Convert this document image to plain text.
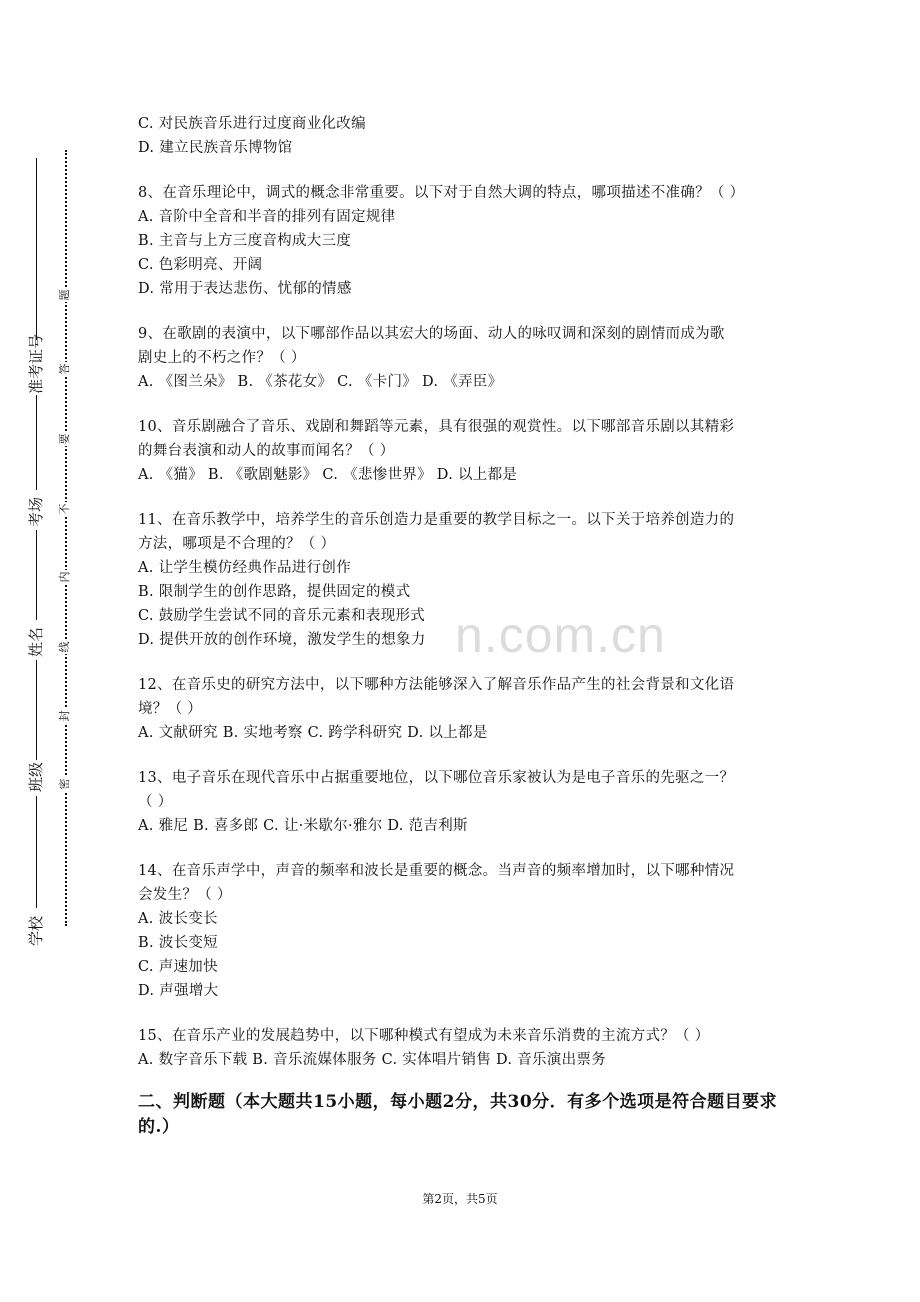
准考证号
考场
姓名
班级
学校
题
答
要
不
内
线
封
密
n.com.cn
C. 对民族音乐进行过度商业化改编
D. 建立民族音乐博物馆
8、在音乐理论中，调式的概念非常重要。以下对于自然大调的特点，哪项描述不准确？（ ）
A. 音阶中全音和半音的排列有固定规律
B. 主音与上方三度音构成大三度
C. 色彩明亮、开阔
D. 常用于表达悲伤、忧郁的情感
9、在歌剧的表演中，以下哪部作品以其宏大的场面、动人的咏叹调和深刻的剧情而成为歌
剧史上的不朽之作？（ ）
A. 《图兰朵》 B. 《茶花女》 C. 《卡门》 D. 《弄臣》
10、音乐剧融合了音乐、戏剧和舞蹈等元素，具有很强的观赏性。以下哪部音乐剧以其精彩
的舞台表演和动人的故事而闻名？（ ）
A. 《猫》 B. 《歌剧魅影》 C. 《悲惨世界》 D. 以上都是
11、在音乐教学中，培养学生的音乐创造力是重要的教学目标之一。以下关于培养创造力的
方法，哪项是不合理的？（ ）
A. 让学生模仿经典作品进行创作
B. 限制学生的创作思路，提供固定的模式
C. 鼓励学生尝试不同的音乐元素和表现形式
D. 提供开放的创作环境，激发学生的想象力
12、在音乐史的研究方法中，以下哪种方法能够深入了解音乐作品产生的社会背景和文化语
境？（ ）
A. 文献研究 B. 实地考察 C. 跨学科研究 D. 以上都是
13、电子音乐在现代音乐中占据重要地位，以下哪位音乐家被认为是电子音乐的先驱之一？
（ ）
A. 雅尼 B. 喜多郎 C. 让·米歇尔·雅尔 D. 范吉利斯
14、在音乐声学中，声音的频率和波长是重要的概念。当声音的频率增加时，以下哪种情况
会发生？（ ）
A. 波长变长
B. 波长变短
C. 声速加快
D. 声强增大
15、在音乐产业的发展趋势中，以下哪种模式有望成为未来音乐消费的主流方式？（ ）
A. 数字音乐下载 B. 音乐流媒体服务 C. 实体唱片销售 D. 音乐演出票务
二、判断题（本大题共15小题，每小题2分，共30分．有多个选项是符合题目要求的.）
第2页，共5页
